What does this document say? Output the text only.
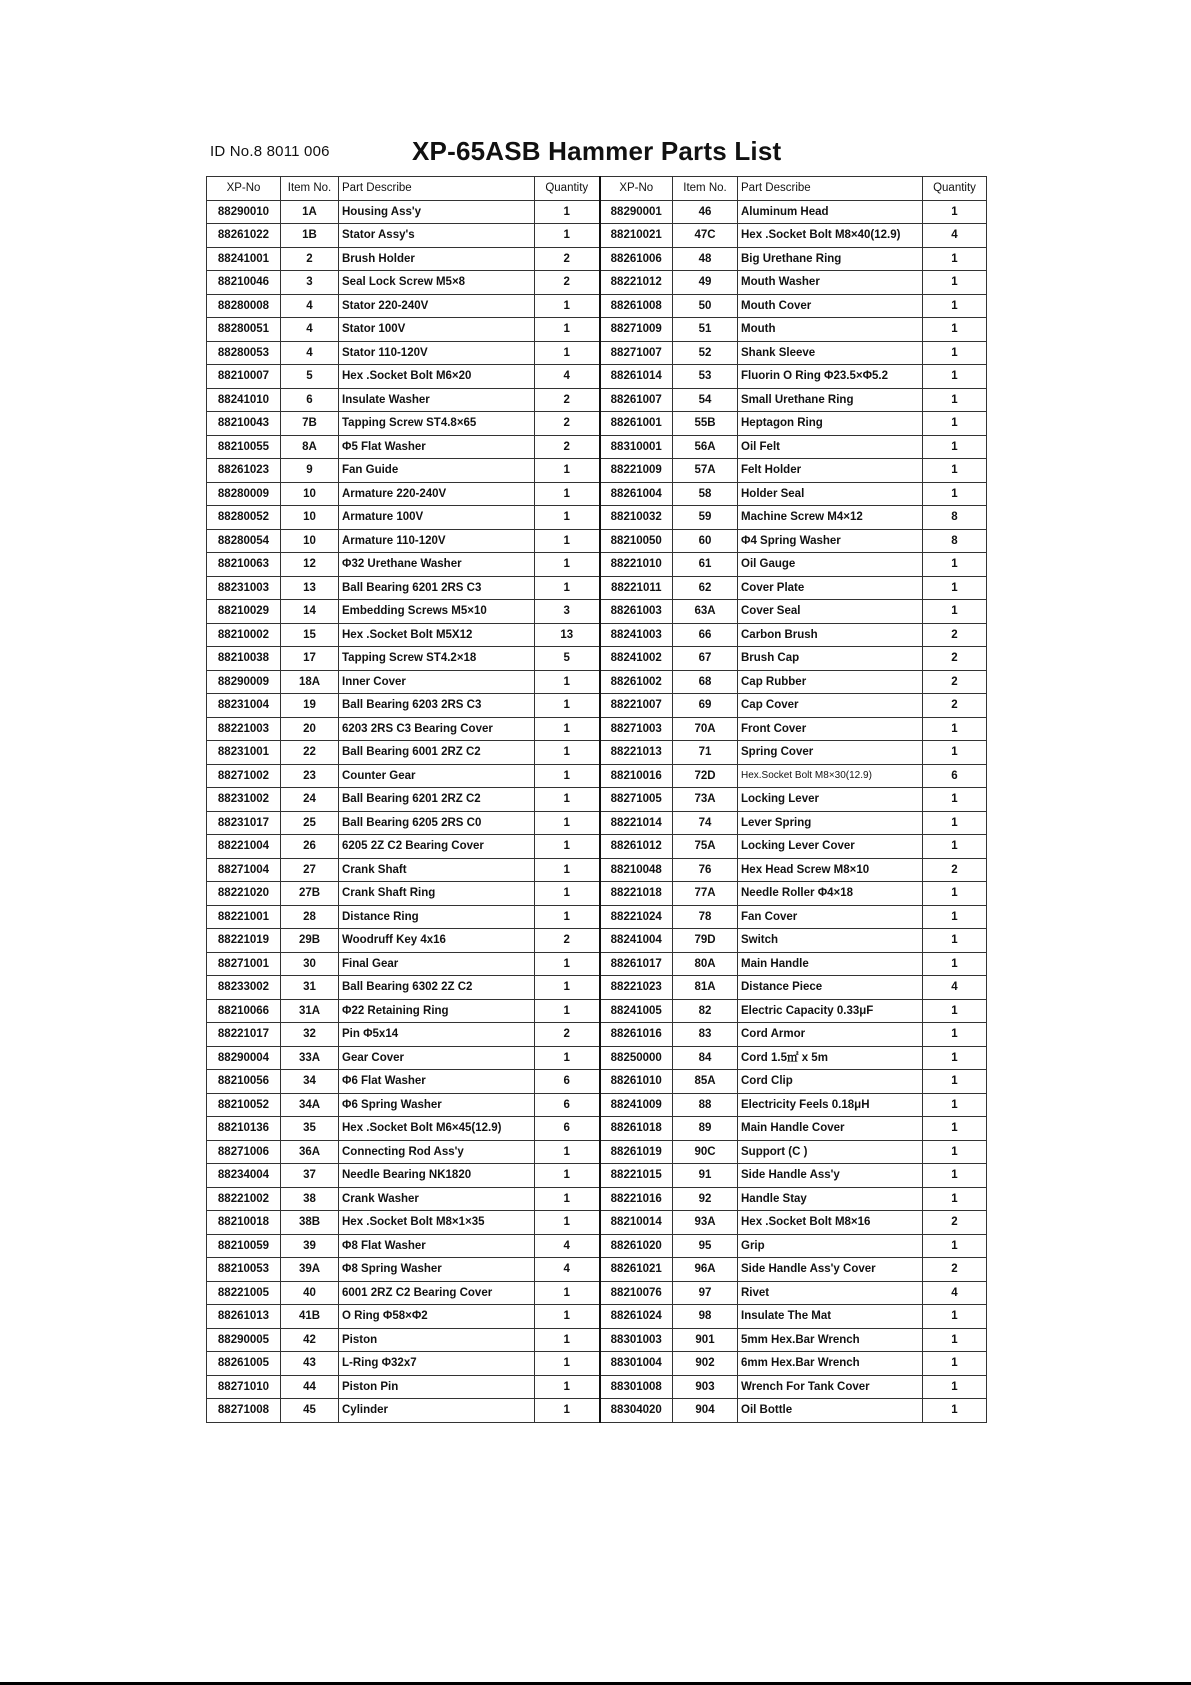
ID No.8 8011 006	XP-65ASB Hammer Parts List
XP-No	Item No.	Part Describe	Quantity	XP-No	Item No.	Part Describe	Quantity
88290010	1A	Housing Ass'y	1	88290001	46	Aluminum Head	1
88261022	1B	Stator Assy's	1	88210021	47C	Hex .Socket Bolt M8×40(12.9)	4
88241001	2	Brush Holder	2	88261006	48	Big Urethane Ring	1
88210046	3	Seal Lock Screw M5×8	2	88221012	49	Mouth Washer	1
88280008	4	Stator 220-240V	1	88261008	50	Mouth Cover	1
88280051	4	Stator 100V	1	88271009	51	Mouth	1
88280053	4	Stator 110-120V	1	88271007	52	Shank Sleeve	1
88210007	5	Hex .Socket Bolt M6×20	4	88261014	53	Fluorin O Ring Φ23.5×Φ5.2	1
88241010	6	Insulate Washer	2	88261007	54	Small Urethane Ring	1
88210043	7B	Tapping Screw ST4.8×65	2	88261001	55B	Heptagon Ring	1
88210055	8A	Φ5 Flat Washer	2	88310001	56A	Oil Felt	1
88261023	9	Fan Guide	1	88221009	57A	Felt Holder	1
88280009	10	Armature 220-240V	1	88261004	58	Holder Seal	1
88280052	10	Armature 100V	1	88210032	59	Machine Screw M4×12	8
88280054	10	Armature 110-120V	1	88210050	60	Φ4 Spring Washer	8
88210063	12	Φ32 Urethane Washer	1	88221010	61	Oil Gauge	1
88231003	13	Ball Bearing 6201 2RS C3	1	88221011	62	Cover Plate	1
88210029	14	Embedding Screws M5×10	3	88261003	63A	Cover Seal	1
88210002	15	Hex .Socket Bolt M5X12	13	88241003	66	Carbon Brush	2
88210038	17	Tapping Screw ST4.2×18	5	88241002	67	Brush Cap	2
88290009	18A	Inner Cover	1	88261002	68	Cap Rubber	2
88231004	19	Ball Bearing 6203 2RS C3	1	88221007	69	Cap Cover	2
88221003	20	6203 2RS C3 Bearing Cover	1	88271003	70A	Front Cover	1
88231001	22	Ball Bearing 6001 2RZ C2	1	88221013	71	Spring Cover	1
88271002	23	Counter Gear	1	88210016	72D	Hex.Socket Bolt M8×30(12.9)	6
88231002	24	Ball Bearing 6201 2RZ C2	1	88271005	73A	Locking Lever	1
88231017	25	Ball Bearing 6205 2RS C0	1	88221014	74	Lever Spring	1
88221004	26	6205 2Z C2 Bearing Cover	1	88261012	75A	Locking Lever Cover	1
88271004	27	Crank Shaft	1	88210048	76	Hex Head Screw M8×10	2
88221020	27B	Crank Shaft Ring	1	88221018	77A	Needle Roller Φ4×18	1
88221001	28	Distance Ring	1	88221024	78	Fan Cover	1
88221019	29B	Woodruff Key 4x16	2	88241004	79D	Switch	1
88271001	30	Final Gear	1	88261017	80A	Main Handle	1
88233002	31	Ball Bearing 6302 2Z C2	1	88221023	81A	Distance Piece	4
88210066	31A	Φ22 Retaining Ring	1	88241005	82	Electric Capacity 0.33μF	1
88221017	32	Pin Φ5x14	2	88261016	83	Cord Armor	1
88290004	33A	Gear Cover	1	88250000	84	Cord 1.5㎡ x 5m	1
88210056	34	Φ6 Flat Washer	6	88261010	85A	Cord Clip	1
88210052	34A	Φ6 Spring Washer	6	88241009	88	Electricity Feels 0.18μH	1
88210136	35	Hex .Socket Bolt M6×45(12.9)	6	88261018	89	Main Handle Cover	1
88271006	36A	Connecting Rod Ass'y	1	88261019	90C	Support (C )	1
88234004	37	Needle Bearing NK1820	1	88221015	91	Side Handle Ass'y	1
88221002	38	Crank Washer	1	88221016	92	Handle Stay	1
88210018	38B	Hex .Socket Bolt M8×1×35	1	88210014	93A	Hex .Socket Bolt M8×16	2
88210059	39	Φ8 Flat Washer	4	88261020	95	Grip	1
88210053	39A	Φ8 Spring Washer	4	88261021	96A	Side Handle Ass'y Cover	2
88221005	40	6001 2RZ C2 Bearing Cover	1	88210076	97	Rivet	4
88261013	41B	O Ring Φ58×Φ2	1	88261024	98	Insulate The Mat	1
88290005	42	Piston	1	88301003	901	5mm Hex.Bar Wrench	1
88261005	43	L-Ring Φ32x7	1	88301004	902	6mm Hex.Bar Wrench	1
88271010	44	Piston Pin	1	88301008	903	Wrench For Tank Cover	1
88271008	45	Cylinder	1	88304020	904	Oil Bottle	1
